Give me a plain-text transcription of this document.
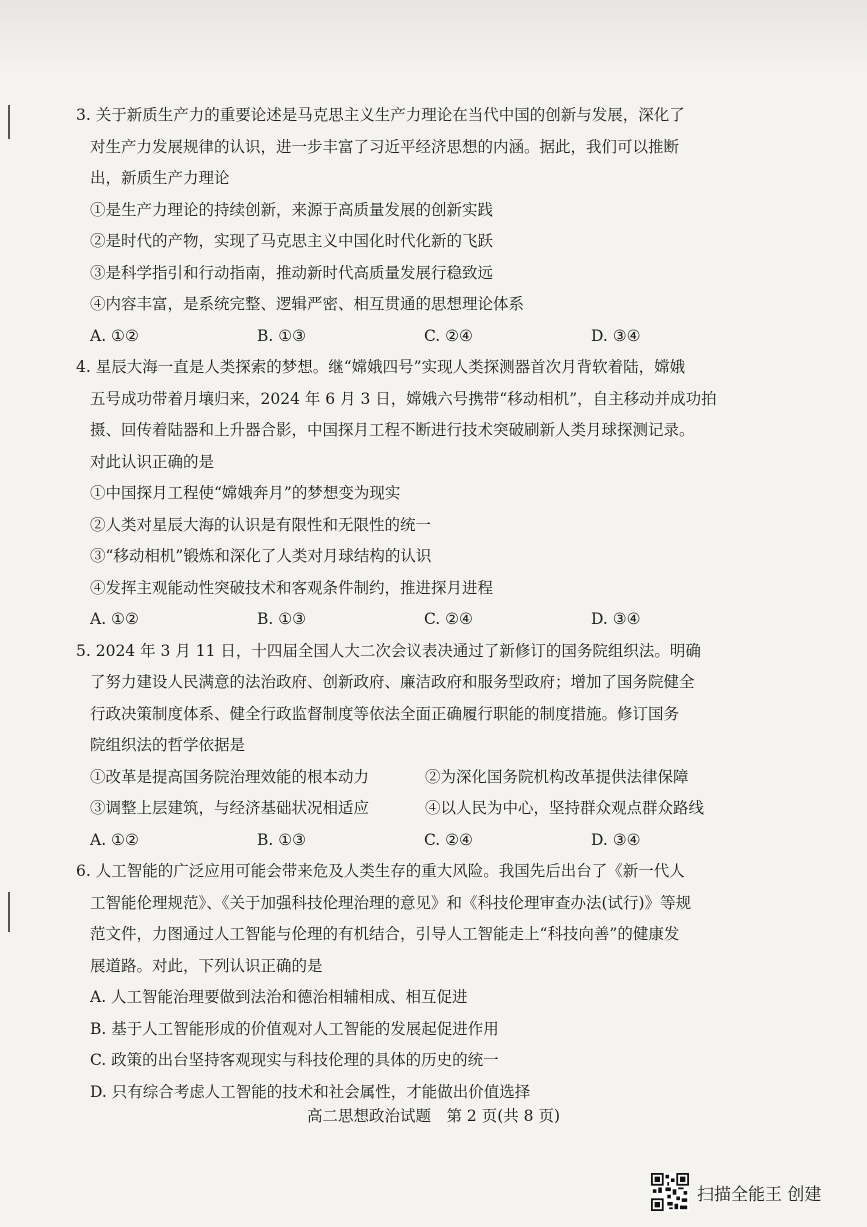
3. 关于新质生产力的重要论述是马克思主义生产力理论在当代中国的创新与发展，深化了
对生产力发展规律的认识，进一步丰富了习近平经济思想的内涵。据此，我们可以推断
出，新质生产力理论
①是生产力理论的持续创新，来源于高质量发展的创新实践
②是时代的产物，实现了马克思主义中国化时代化新的飞跃
③是科学指引和行动指南，推动新时代高质量发展行稳致远
④内容丰富，是系统完整、逻辑严密、相互贯通的思想理论体系
A. ①②	B. ①③	C. ②④	D. ③④
4. 星辰大海一直是人类探索的梦想。继“嫦娥四号”实现人类探测器首次月背软着陆，嫦娥
五号成功带着月壤归来，2024 年 6 月 3 日，嫦娥六号携带“移动相机”，自主移动并成功拍
摄、回传着陆器和上升器合影，中国探月工程不断进行技术突破刷新人类月球探测记录。
对此认识正确的是
①中国探月工程使“嫦娥奔月”的梦想变为现实
②人类对星辰大海的认识是有限性和无限性的统一
③“移动相机”锻炼和深化了人类对月球结构的认识
④发挥主观能动性突破技术和客观条件制约，推进探月进程
A. ①②	B. ①③	C. ②④	D. ③④
5. 2024 年 3 月 11 日，十四届全国人大二次会议表决通过了新修订的国务院组织法。明确
了努力建设人民满意的法治政府、创新政府、廉洁政府和服务型政府；增加了国务院健全
行政决策制度体系、健全行政监督制度等依法全面正确履行职能的制度措施。修订国务
院组织法的哲学依据是
①改革是提高国务院治理效能的根本动力	②为深化国务院机构改革提供法律保障
③调整上层建筑，与经济基础状况相适应	④以人民为中心，坚持群众观点群众路线
A. ①②	B. ①③	C. ②④	D. ③④
6. 人工智能的广泛应用可能会带来危及人类生存的重大风险。我国先后出台了《新一代人
工智能伦理规范》、《关于加强科技伦理治理的意见》和《科技伦理审查办法(试行)》等规
范文件，力图通过人工智能与伦理的有机结合，引导人工智能走上“科技向善”的健康发
展道路。对此，下列认识正确的是
A. 人工智能治理要做到法治和德治相辅相成、相互促进
B. 基于人工智能形成的价值观对人工智能的发展起促进作用
C. 政策的出台坚持客观现实与科技伦理的具体的历史的统一
D. 只有综合考虑人工智能的技术和社会属性，才能做出价值选择
高二思想政治试题　第 2 页(共 8 页)
扫描全能王 创建
